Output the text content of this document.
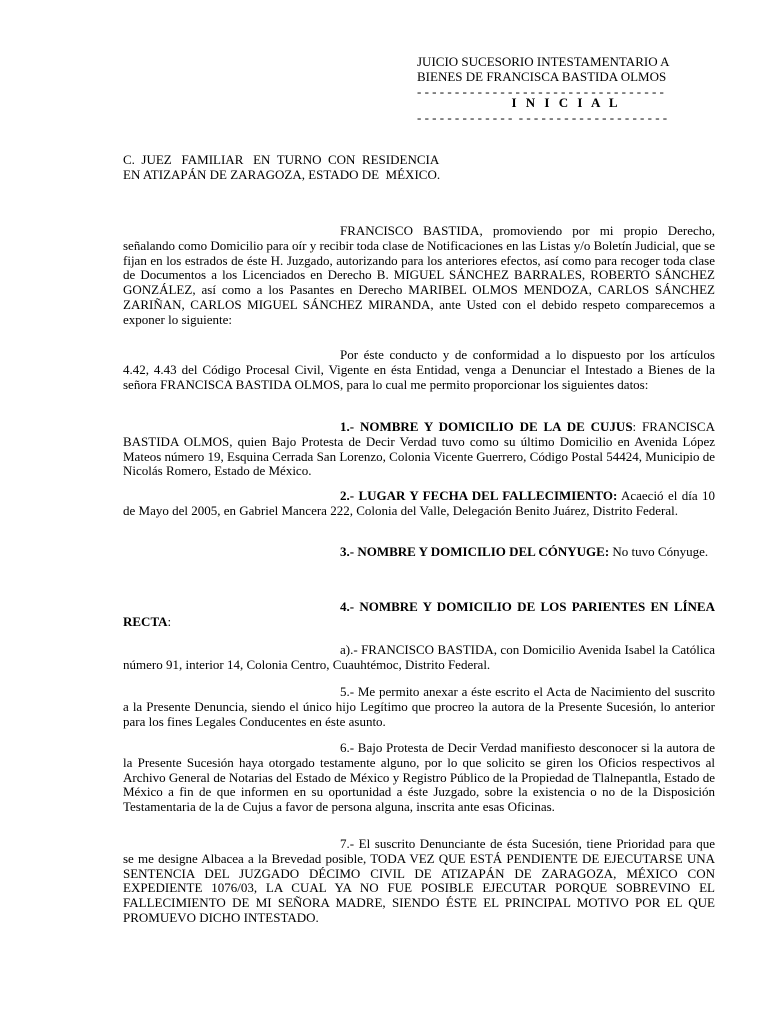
JUICIO SUCESORIO INTESTAMENTARIO A
BIENES DE FRANCISCA BASTIDA OLMOS
- - - - - - - - - - - - - - - - - - - - - - - - - - - - - - - - -
I N I C I A L
- - - - - - - - - - - - -  - - - - - - - - - - - - - - - - - - - -
C.  JUEZ   FAMILIAR   EN  TURNO  CON  RESIDENCIA
EN ATIZAPÁN DE ZARAGOZA, ESTADO DE  MÉXICO.
FRANCISCO BASTIDA, promoviendo por mi propio Derecho, señalando como Domicilio para oír y recibir toda clase de Notificaciones en las Listas y/o Boletín Judicial, que se fijan en los estrados de éste H. Juzgado, autorizando para los anteriores efectos, así como para recoger toda clase de Documentos a los Licenciados en Derecho B. MIGUEL SÁNCHEZ BARRALES, ROBERTO SÁNCHEZ GONZÁLEZ, así como a los Pasantes en Derecho MARIBEL OLMOS MENDOZA, CARLOS SÁNCHEZ ZARIÑAN, CARLOS MIGUEL SÁNCHEZ MIRANDA, ante Usted con el debido respeto comparecemos a exponer lo siguiente:
Por éste conducto y de conformidad a lo dispuesto por los artículos 4.42, 4.43 del Código Procesal Civil, Vigente en ésta Entidad, venga a Denunciar el Intestado a Bienes de la señora FRANCISCA BASTIDA OLMOS, para lo cual me permito proporcionar los siguientes datos:
1.- NOMBRE Y DOMICILIO DE LA DE CUJUS: FRANCISCA BASTIDA OLMOS, quien Bajo Protesta de Decir Verdad tuvo como su último Domicilio en Avenida López Mateos número 19, Esquina Cerrada San Lorenzo, Colonia Vicente Guerrero, Código Postal 54424, Municipio de Nicolás Romero, Estado de México.
2.- LUGAR Y FECHA DEL FALLECIMIENTO: Acaeció el día 10 de Mayo del 2005, en Gabriel Mancera 222, Colonia del Valle, Delegación Benito Juárez, Distrito Federal.
3.- NOMBRE Y DOMICILIO DEL CÓNYUGE: No tuvo Cónyuge.
4.- NOMBRE Y DOMICILIO DE LOS PARIENTES EN LÍNEA RECTA:
a).- FRANCISCO BASTIDA, con Domicilio Avenida Isabel la Católica número 91, interior 14, Colonia Centro, Cuauhtémoc, Distrito Federal.
5.- Me permito anexar a éste escrito el Acta de Nacimiento del suscrito a la Presente Denuncia, siendo el único hijo Legítimo que procreo la autora de la Presente Sucesión, lo anterior para los fines Legales Conducentes en éste asunto.
6.- Bajo Protesta de Decir Verdad manifiesto desconocer si la autora de la Presente Sucesión haya otorgado testamente alguno, por lo que solicito se giren los Oficios respectivos al Archivo General de Notarias del Estado de México y Registro Público de la Propiedad de Tlalnepantla, Estado de México a fin de que informen en su oportunidad a éste Juzgado, sobre la existencia o no de la Disposición Testamentaria de la de Cujus a favor de persona alguna, inscrita ante esas Oficinas.
7.- El suscrito Denunciante de ésta Sucesión, tiene Prioridad para que se me designe Albacea a la Brevedad posible, TODA VEZ QUE ESTÁ PENDIENTE DE EJECUTARSE UNA SENTENCIA DEL JUZGADO DÉCIMO CIVIL DE ATIZAPÁN DE ZARAGOZA, MÉXICO CON EXPEDIENTE 1076/03, LA CUAL YA NO FUE POSIBLE EJECUTAR PORQUE SOBREVINO EL FALLECIMIENTO DE MI SEÑORA MADRE, SIENDO ÉSTE EL PRINCIPAL MOTIVO POR EL QUE PROMUEVO DICHO INTESTADO.
